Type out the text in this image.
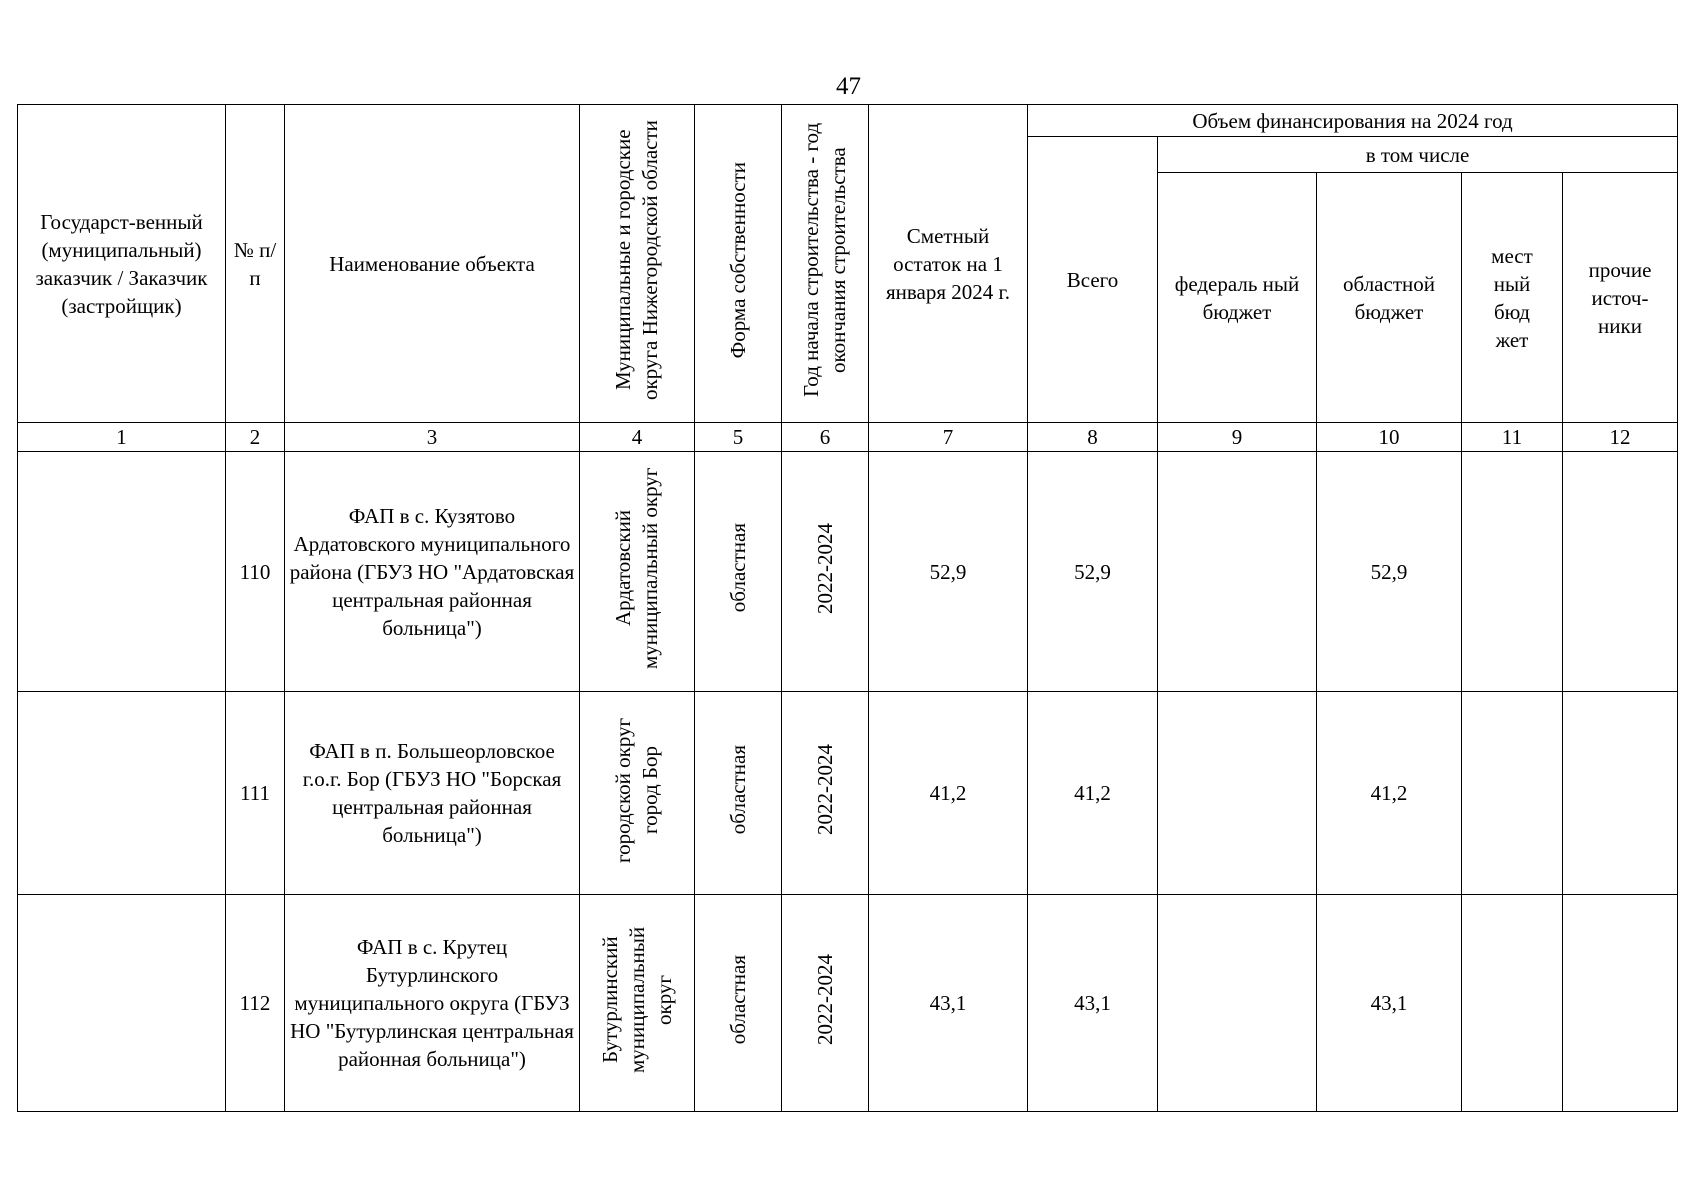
47
Государст-венный (муниципальный) заказчик / Заказчик (застройщик)	№ п/п	Наименование объекта	Муниципальные и городские округа Нижегородской области	Форма собственности	Год начала строительства - год окончания строительства	Сметный остаток на 1 января 2024 г.	Объем финансирования на 2024 год				
							Всего	в том числе			
								федераль ный бюджет	областной бюджет	мест ный бюд жет	прочие источ-ники
1	2	3	4	5	6	7	8	9	10	11	12
	110	ФАП в с. Кузятово Ардатовского муниципального района (ГБУЗ НО "Ардатовская центральная районная больница")	Ардатовский муниципальный округ	областная	2022-2024	52,9	52,9		52,9		
	111	ФАП в п. Большеорловское г.о.г. Бор (ГБУЗ НО "Борская центральная районная больница")	городской округ город Бор	областная	2022-2024	41,2	41,2		41,2		
	112	ФАП в с. Крутец Бутурлинского муниципального округа (ГБУЗ НО "Бутурлинская центральная районная больница")	Бутурлинский муниципальный округ	областная	2022-2024	43,1	43,1		43,1		
